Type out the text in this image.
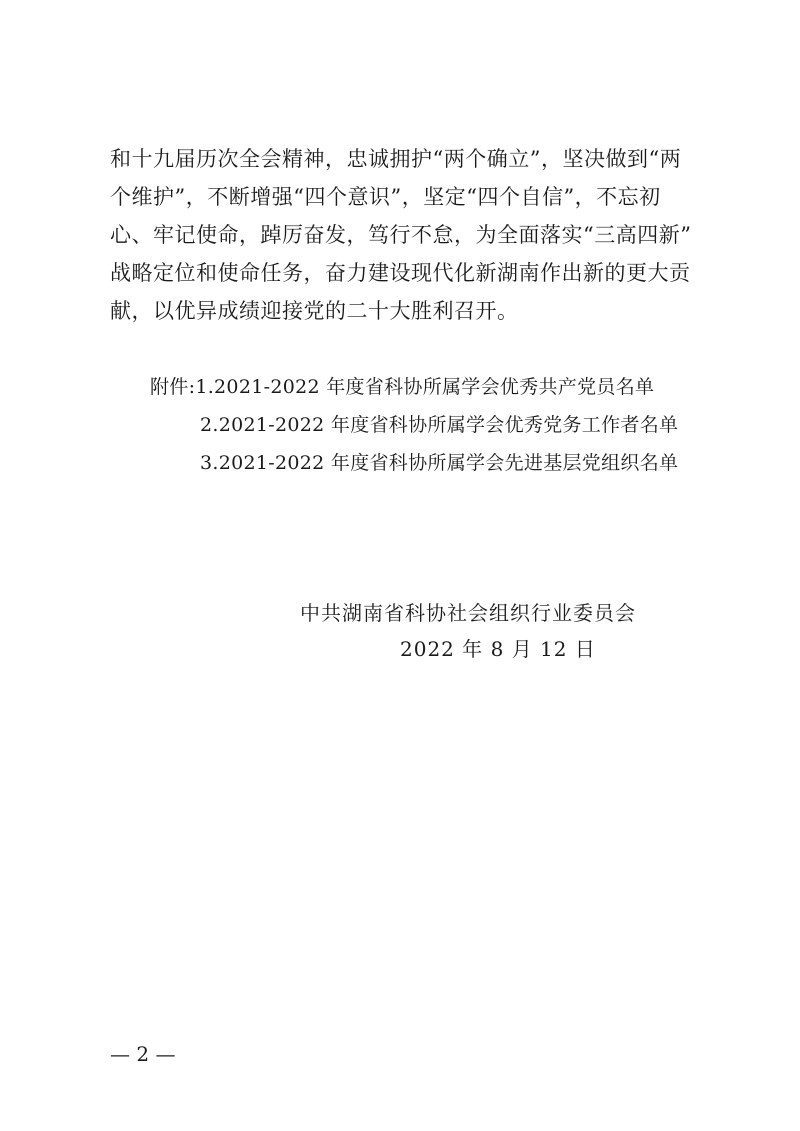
和十九届历次全会精神，忠诚拥护“两个确立”，坚决做到“两
个维护”，不断增强“四个意识”，坚定“四个自信”，不忘初
心、牢记使命，踔厉奋发，笃行不怠，为全面落实“三高四新”
战略定位和使命任务，奋力建设现代化新湖南作出新的更大贡
献，以优异成绩迎接党的二十大胜利召开。
附件:1.2021-2022 年度省科协所属学会优秀共产党员名单
2.2021-2022 年度省科协所属学会优秀党务工作者名单
3.2021-2022 年度省科协所属学会先进基层党组织名单
中共湖南省科协社会组织行业委员会
2022 年 8 月 12 日
— 2 —
